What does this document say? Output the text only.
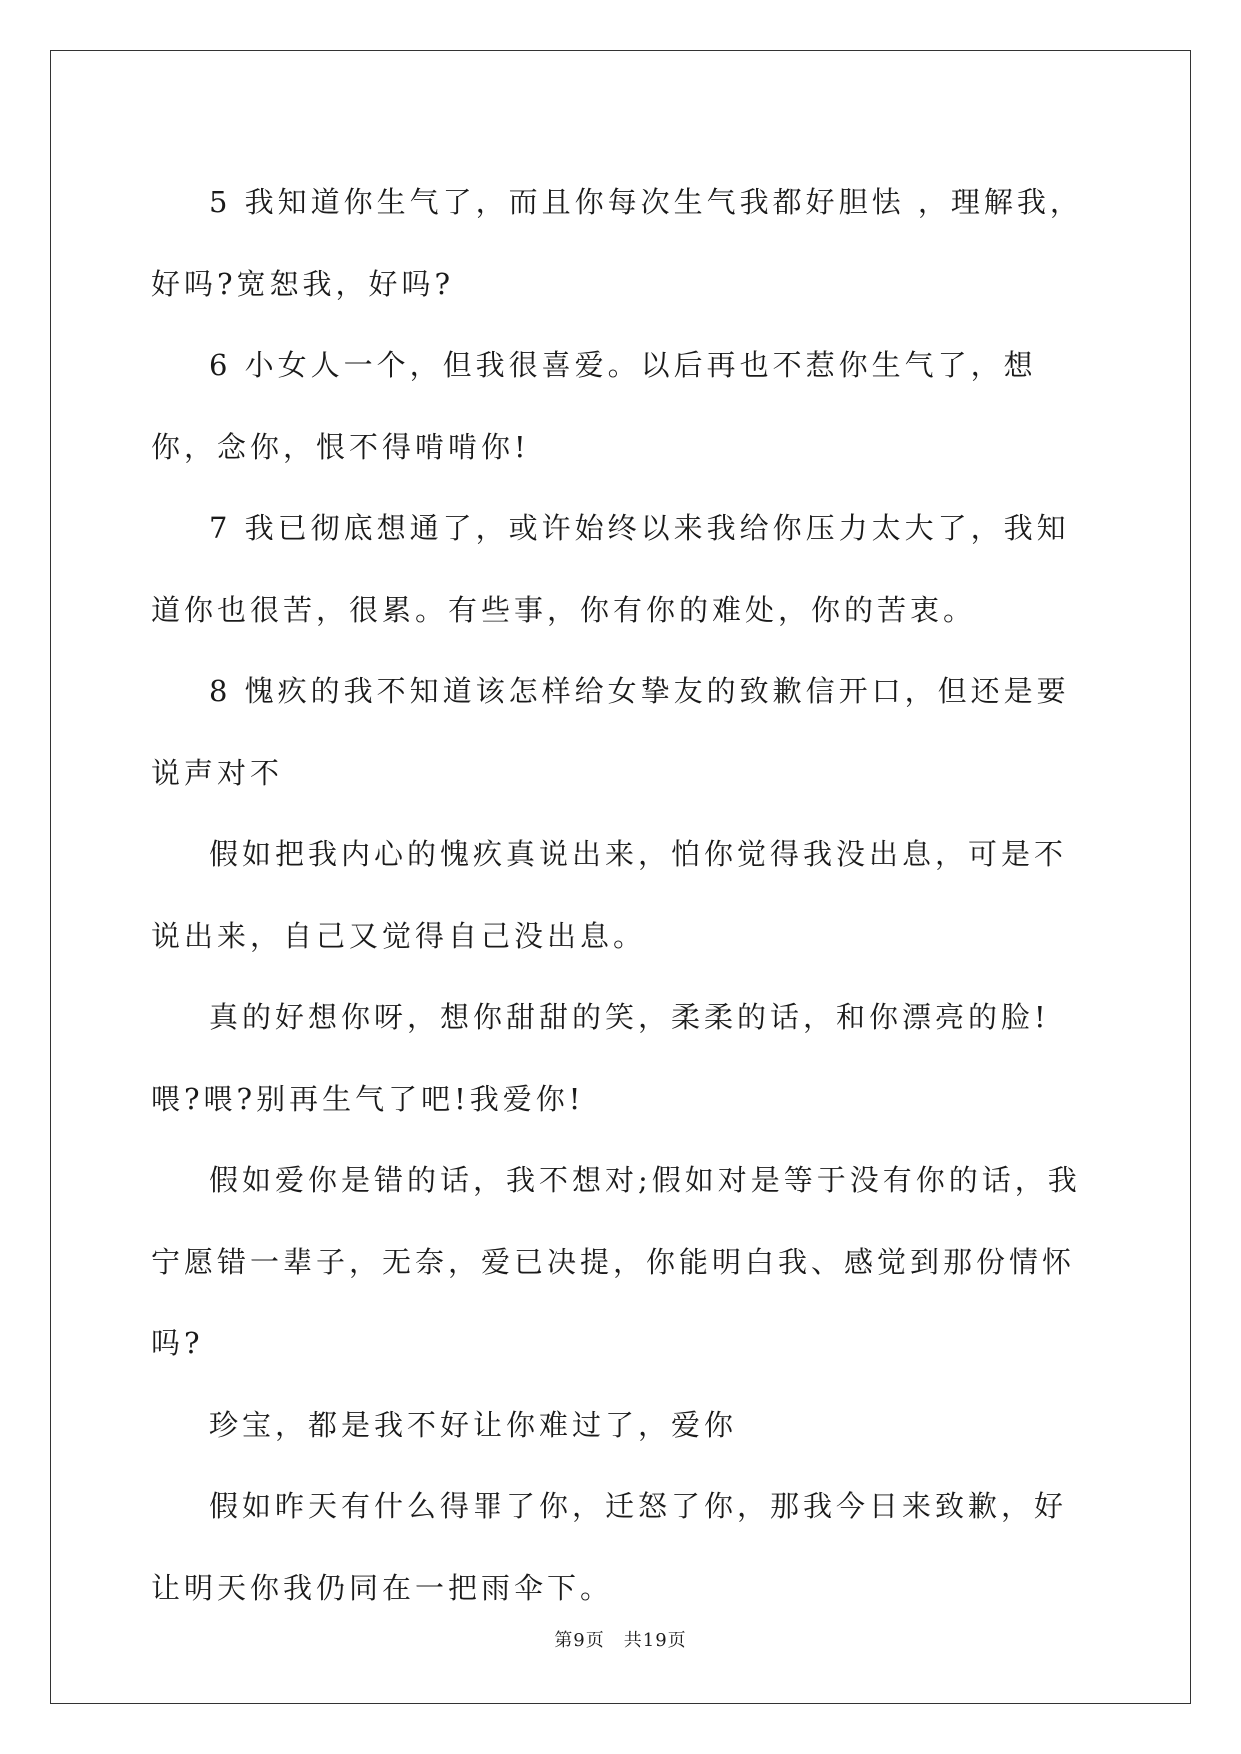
5 我知道你生气了，而且你每次生气我都好胆怯 ，理解我，好吗?宽恕我，好吗?

6 小女人一个，但我很喜爱。以后再也不惹你生气了，想你，念你，恨不得啃啃你!

7 我已彻底想通了，或许始终以来我给你压力太大了，我知道你也很苦，很累。有些事，你有你的难处，你的苦衷。

8 愧疚的我不知道该怎样给女挚友的致歉信开口，但还是要说声对不

假如把我内心的愧疚真说出来，怕你觉得我没出息，可是不说出来，自己又觉得自己没出息。

真的好想你呀，想你甜甜的笑，柔柔的话，和你漂亮的脸!喂?喂?别再生气了吧!我爱你!

假如爱你是错的话，我不想对;假如对是等于没有你的话，我宁愿错一辈子，无奈，爱已决提，你能明白我、感觉到那份情怀吗?

珍宝，都是我不好让你难过了，爱你

假如昨天有什么得罪了你，迁怒了你，那我今日来致歉，好让明天你我仍同在一把雨伞下。

第9页　共19页
